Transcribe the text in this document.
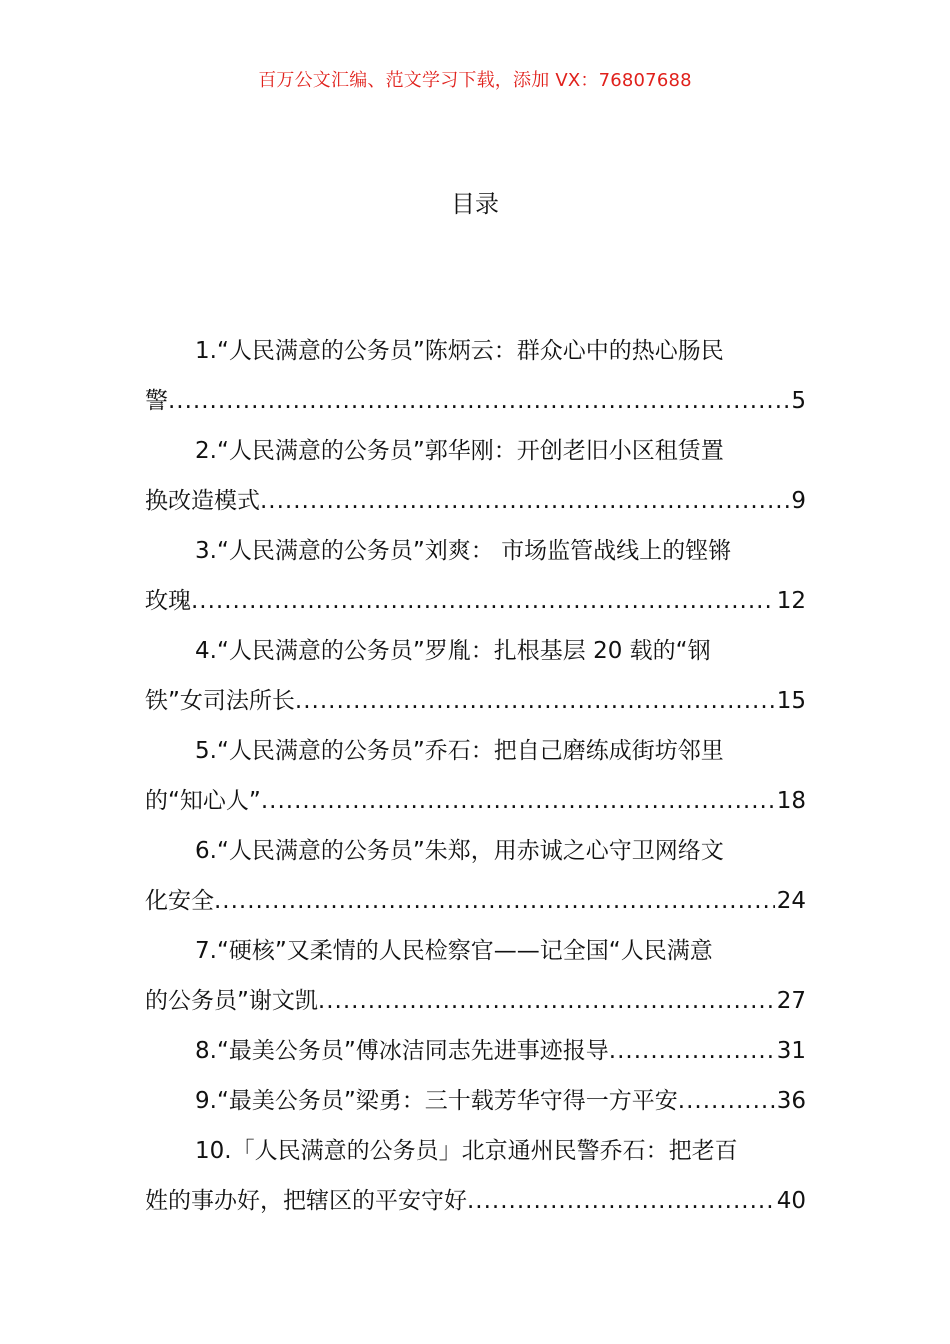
百万公文汇编、范文学习下载，添加 VX：76807688
目录
1.“人民满意的公务员”陈炳云：群众心中的热心肠民
警 .....	5
2.“人民满意的公务员”郭华刚：开创老旧小区租赁置
换改造模式 .....	9
3.“人民满意的公务员”刘爽： 市场监管战线上的铿锵
玫瑰 .....	12
4.“人民满意的公务员”罗胤：扎根基层 20 载的“钢
铁”女司法所长 .....	15
5.“人民满意的公务员”乔石：把自己磨练成街坊邻里
的“知心人” .....	18
6.“人民满意的公务员”朱郑，用赤诚之心守卫网络文
化安全 .....	24
7.“硬核”又柔情的人民检察官——记全国“人民满意
的公务员”谢文凯 .....	27
8.“最美公务员”傅冰洁同志先进事迹报导 .....	31
9.“最美公务员”梁勇：三十载芳华守得一方平安 .....	36
10.「人民满意的公务员」北京通州民警乔石：把老百
姓的事办好，把辖区的平安守好 .....	40
